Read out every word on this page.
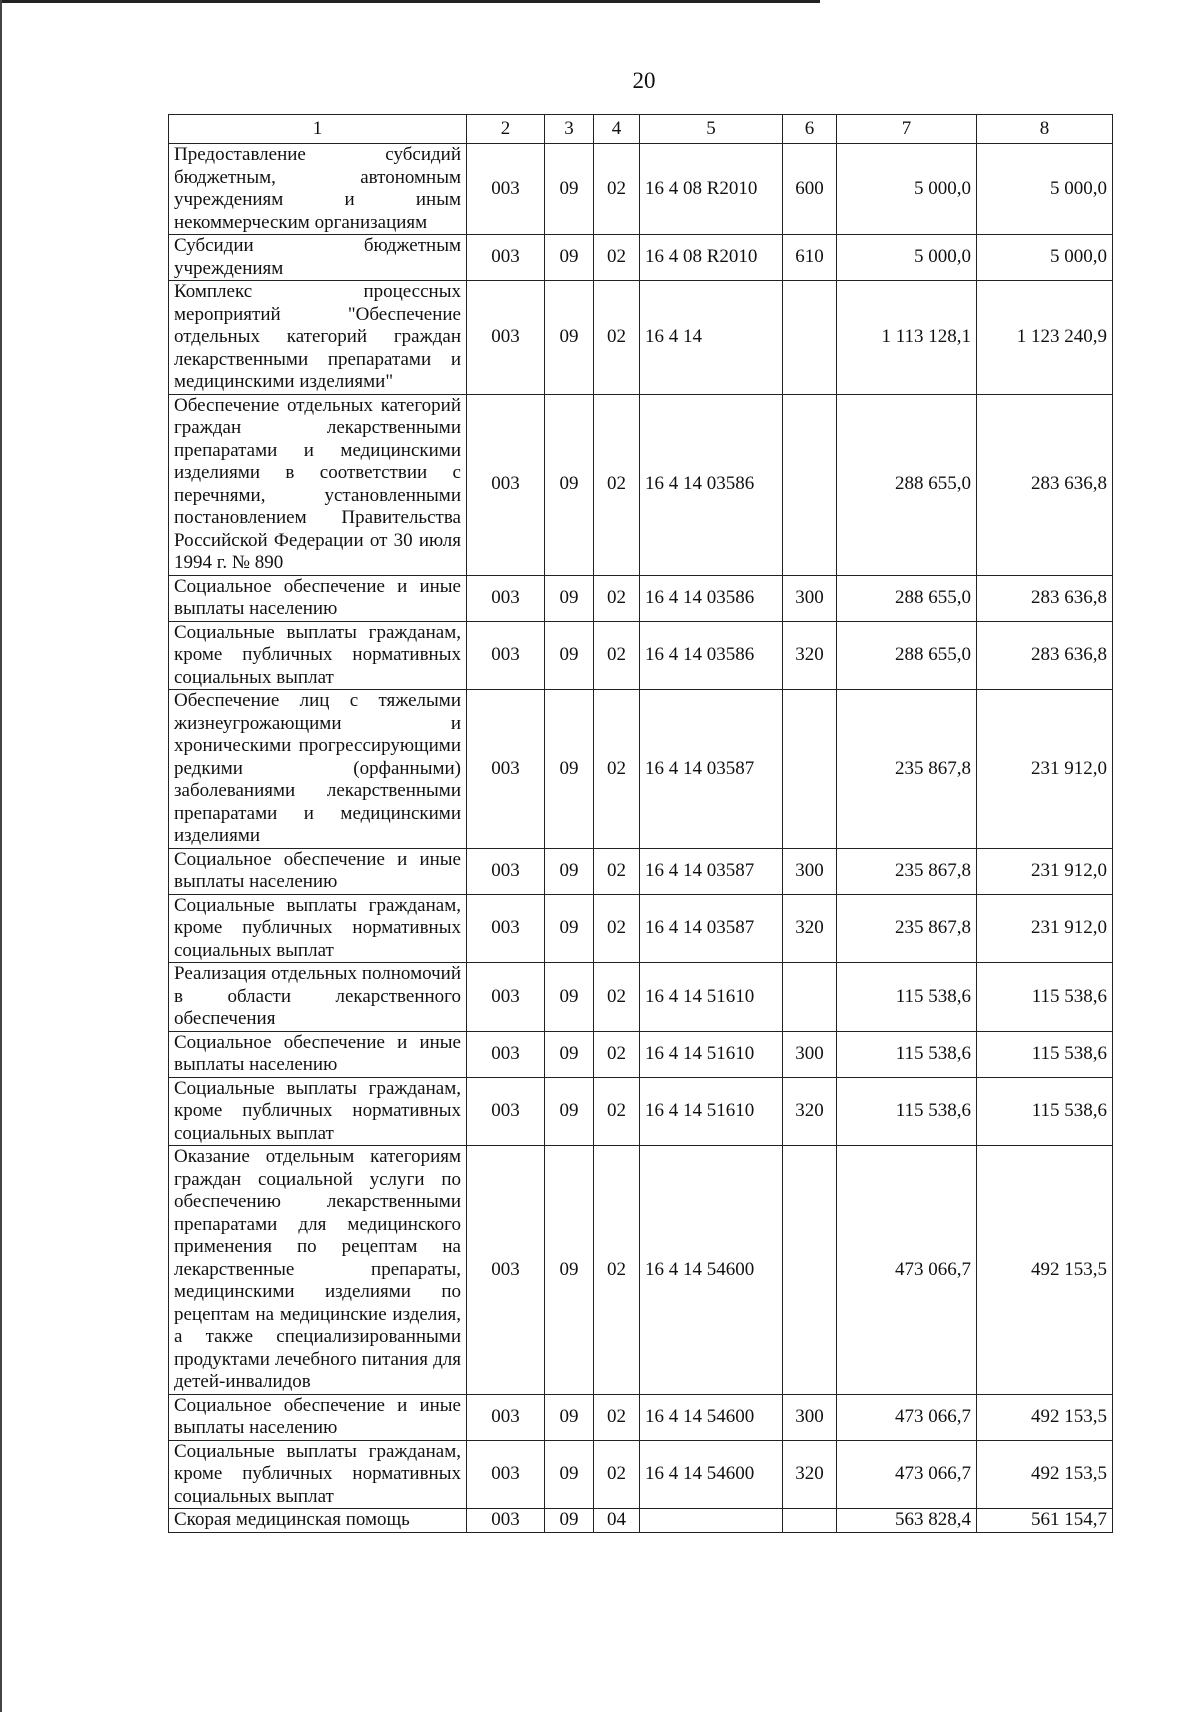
20
1	2	3	4	5	6	7	8
Предоставление субсидий бюджетным, автономным учреждениям и иным некоммерческим организациям	003	09	02	16 4 08 R2010	600	5 000,0	5 000,0
Субсидии бюджетным учреждениям	003	09	02	16 4 08 R2010	610	5 000,0	5 000,0
Комплекс процессных мероприятий "Обеспечение отдельных категорий граждан лекарственными препаратами и медицинскими изделиями"	003	09	02	16 4 14		1 113 128,1	1 123 240,9
Обеспечение отдельных категорий граждан лекарственными препаратами и медицинскими изделиями в соответствии с перечнями, установленными постановлением Правительства Российской Федерации от 30 июля 1994 г. № 890	003	09	02	16 4 14 03586		288 655,0	283 636,8
Социальное обеспечение и иные выплаты населению	003	09	02	16 4 14 03586	300	288 655,0	283 636,8
Социальные выплаты гражданам, кроме публичных нормативных социальных выплат	003	09	02	16 4 14 03586	320	288 655,0	283 636,8
Обеспечение лиц с тяжелыми жизнеугрожающими и хроническими прогрессирующими редкими (орфанными) заболеваниями лекарственными препаратами и медицинскими изделиями	003	09	02	16 4 14 03587		235 867,8	231 912,0
Социальное обеспечение и иные выплаты населению	003	09	02	16 4 14 03587	300	235 867,8	231 912,0
Социальные выплаты гражданам, кроме публичных нормативных социальных выплат	003	09	02	16 4 14 03587	320	235 867,8	231 912,0
Реализация отдельных полномочий в области лекарственного обеспечения	003	09	02	16 4 14 51610		115 538,6	115 538,6
Социальное обеспечение и иные выплаты населению	003	09	02	16 4 14 51610	300	115 538,6	115 538,6
Социальные выплаты гражданам, кроме публичных нормативных социальных выплат	003	09	02	16 4 14 51610	320	115 538,6	115 538,6
Оказание отдельным категориям граждан социальной услуги по обеспечению лекарственными препаратами для медицинского применения по рецептам на лекарственные препараты, медицинскими изделиями по рецептам на медицинские изделия, а также специализированными продуктами лечебного питания для детей-инвалидов	003	09	02	16 4 14 54600		473 066,7	492 153,5
Социальное обеспечение и иные выплаты населению	003	09	02	16 4 14 54600	300	473 066,7	492 153,5
Социальные выплаты гражданам, кроме публичных нормативных социальных выплат	003	09	02	16 4 14 54600	320	473 066,7	492 153,5
Скорая медицинская помощь	003	09	04			563 828,4	561 154,7
